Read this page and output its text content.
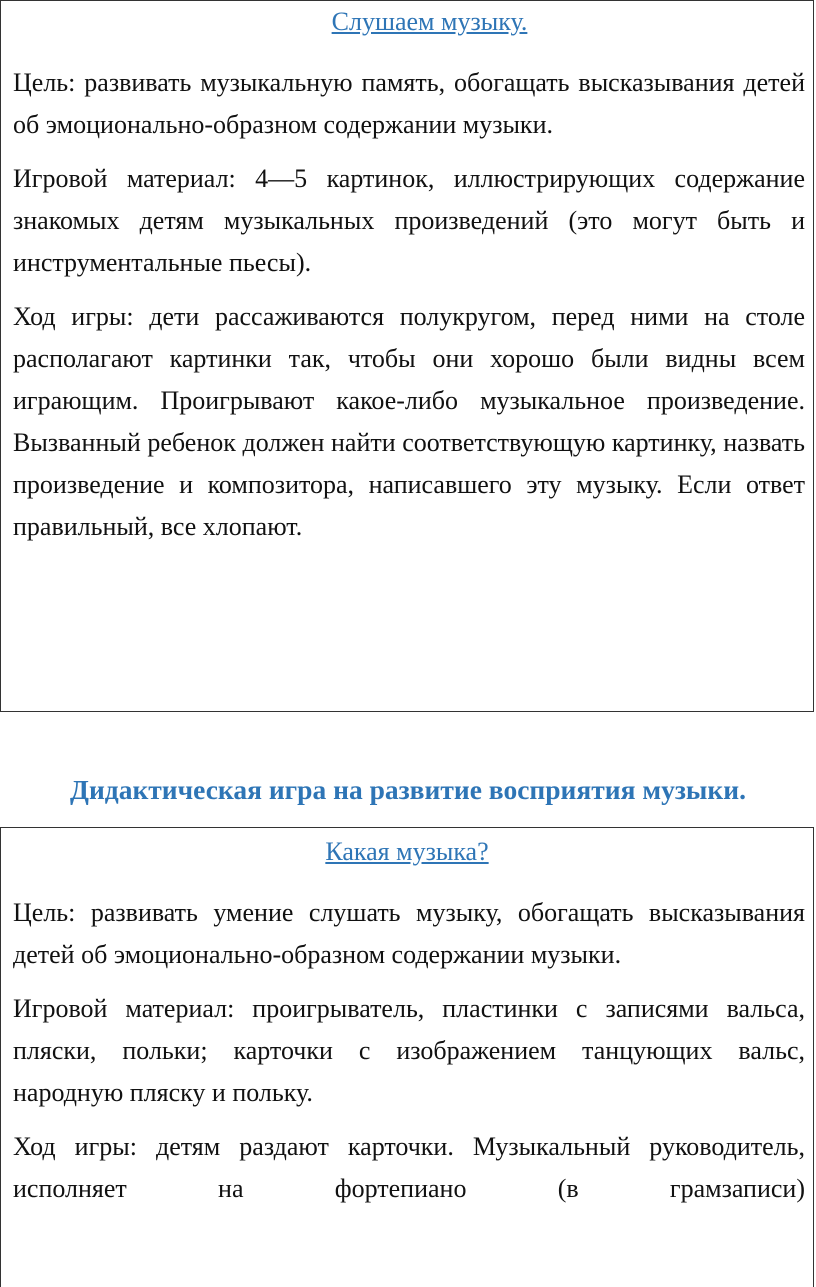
Слушаем музыку.

Цель: развивать музыкальную память, обогащать высказывания детей об эмоционально-образном содержании музыки.

Игровой материал: 4—5 картинок, иллюстрирующих содержание знакомых детям музыкальных произведений (это могут быть и инструментальные пьесы).

Ход игры: дети рассаживаются полукругом, перед ними на столе располагают картинки так, чтобы они хорошо были видны всем играющим. Проигрывают какое-либо музыкальное произведение. Вызванный ребенок должен найти соответствующую картинку, назвать произведение и композитора, написавшего эту музыку. Если ответ правильный, все хлопают.

Дидактическая игра на развитие восприятия музыки.

Какая музыка?

Цель: развивать умение слушать музыку, обогащать высказывания детей об эмоционально-образном содержании музыки.

Игровой материал: проигрыватель, пластинки с записями вальса, пляски, польки; карточки с изображением танцующих вальс, народную пляску и польку.

Ход игры: детям раздают карточки. Музыкальный руководитель, исполняет на фортепиано (в грамзаписи)
